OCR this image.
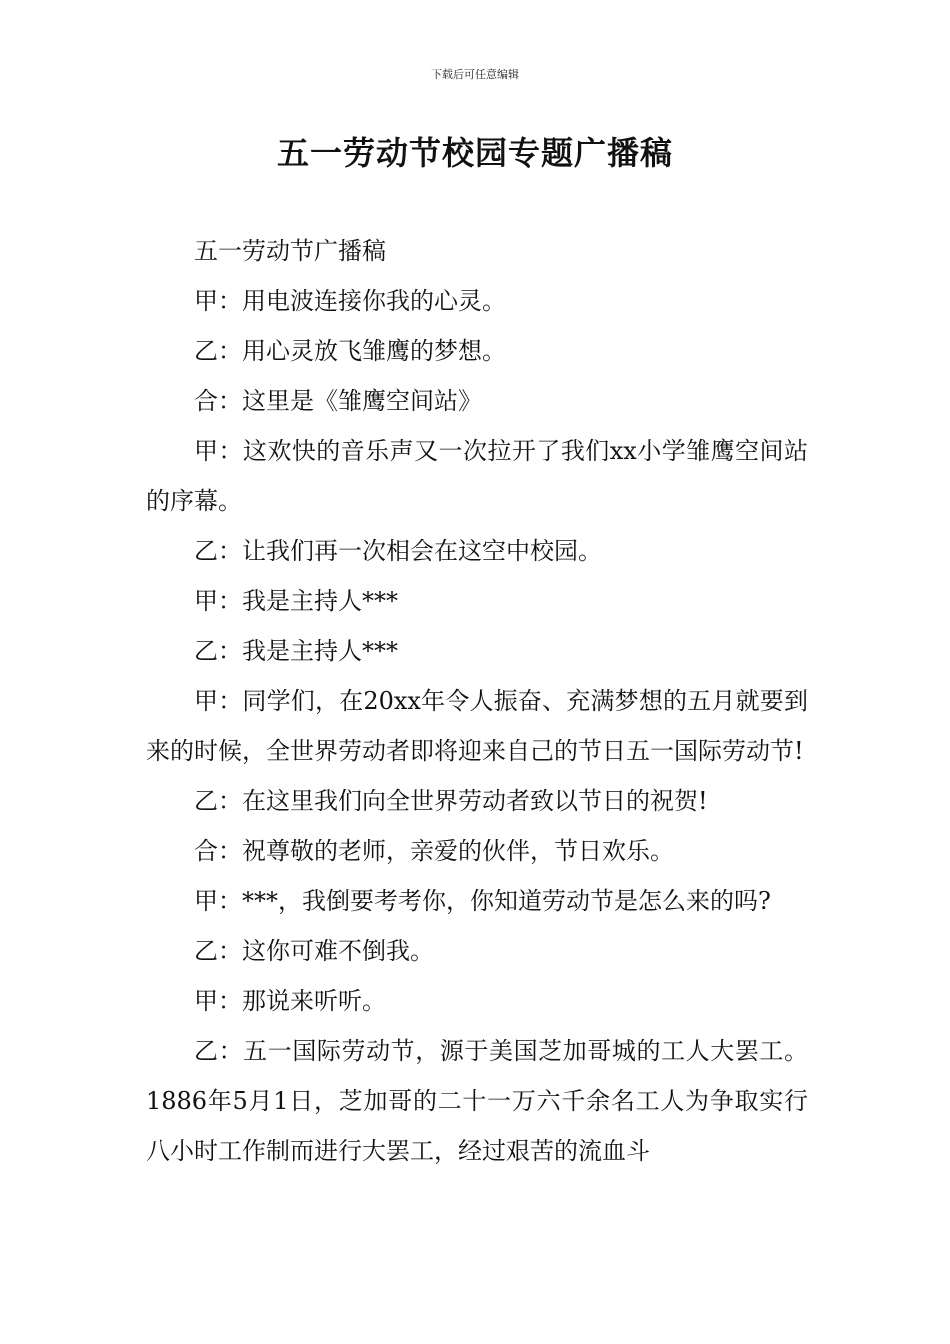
下载后可任意编辑
五一劳动节校园专题广播稿

五一劳动节广播稿

甲：用电波连接你我的心灵。

乙：用心灵放飞雏鹰的梦想。

合：这里是《雏鹰空间站》

甲：这欢快的音乐声又一次拉开了我们xx小学雏鹰空间站的序幕。

乙：让我们再一次相会在这空中校园。

甲：我是主持人***

乙：我是主持人***

甲：同学们，在20xx年令人振奋、充满梦想的五月就要到来的时候，全世界劳动者即将迎来自己的节日五一国际劳动节!

乙：在这里我们向全世界劳动者致以节日的祝贺!

合：祝尊敬的老师，亲爱的伙伴，节日欢乐。

甲：***，我倒要考考你，你知道劳动节是怎么来的吗?

乙：这你可难不倒我。

甲：那说来听听。

乙：五一国际劳动节，源于美国芝加哥城的工人大罢工。1886年5月1日，芝加哥的二十一万六千余名工人为争取实行八小时工作制而进行大罢工，经过艰苦的流血斗
